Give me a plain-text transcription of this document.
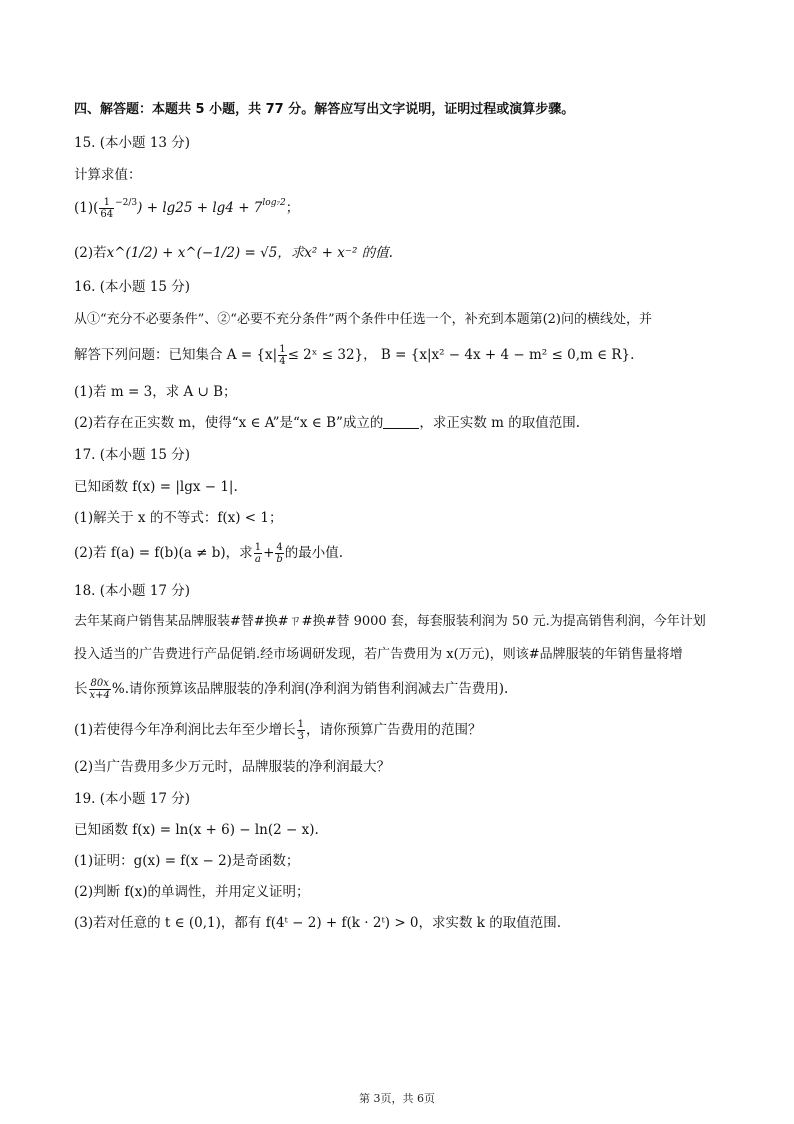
四、解答题：本题共 5 小题，共 77 分。解答应写出文字说明，证明过程或演算步骤。
15. (本小题 13 分)
计算求值：
$(1)( \frac{1}{64} ^{-2/3}) + \lg 25 + \lg 4 + 7^{log_72}$；
(2)若x^(1/2) + x^(−1/2) = √5，求x² + x⁻² 的值.
16. (本小题 15 分)
从①“充分不必要条件”、②“必要不充分条件”两个条件中任选一个，补充到本题第(2)问的横线处，并
解答下列问题：已知集合 $A = \{x| \frac{1}{4}$ ≤ 2ˣ ≤ 32}， B = {x|x² − 4x + 4 − m² ≤ 0,m ∈ R}.
(1)若 m = 3，求 A ∪ B；
(2)若存在正实数 m，使得“x ∈ A”是“x ∈ B”成立的	，求正实数 m 的取值范围.
17. (本小题 15 分)
已知函数 f(x) = |lgx − 1|.
(1)解关于 x 的不等式：f(x) < 1；
(2)若 f(a) = f(b)(a ≠ b)，求 $\frac{1}{a} + \frac{4}{b}$ 的最小值.
18. (本小题 17 分)
去年某商户销售某品牌服装#替#换#ㄗ#换#替 9000 套，每套服装利润为 50 元.为提高销售利润，今年计划
投入适当的广告费进行产品促销.经市场调研发现，若广告费用为 x(万元)，则该#品牌服装的年销售量将增
长 $\frac{80x}{x+4}$ %.请你预算该品牌服装的净利润(净利润为销售利润减去广告费用).
(1)若使得今年净利润比去年至少增长 $\frac{1}{3}$ ，请你预算广告费用的范围？
(2)当广告费用多少万元时，品牌服装的净利润最大？
19. (本小题 17 分)
已知函数 f(x) = ln(x + 6) − ln(2 − x).
(1)证明：g(x) = f(x − 2)是奇函数；
(2)判断 f(x)的单调性，并用定义证明；
(3)若对任意的 t ∈ (0,1)，都有 f(4ᵗ − 2) + f(k · 2ᵗ) > 0，求实数 k 的取值范围.
第 3页，共 6页
